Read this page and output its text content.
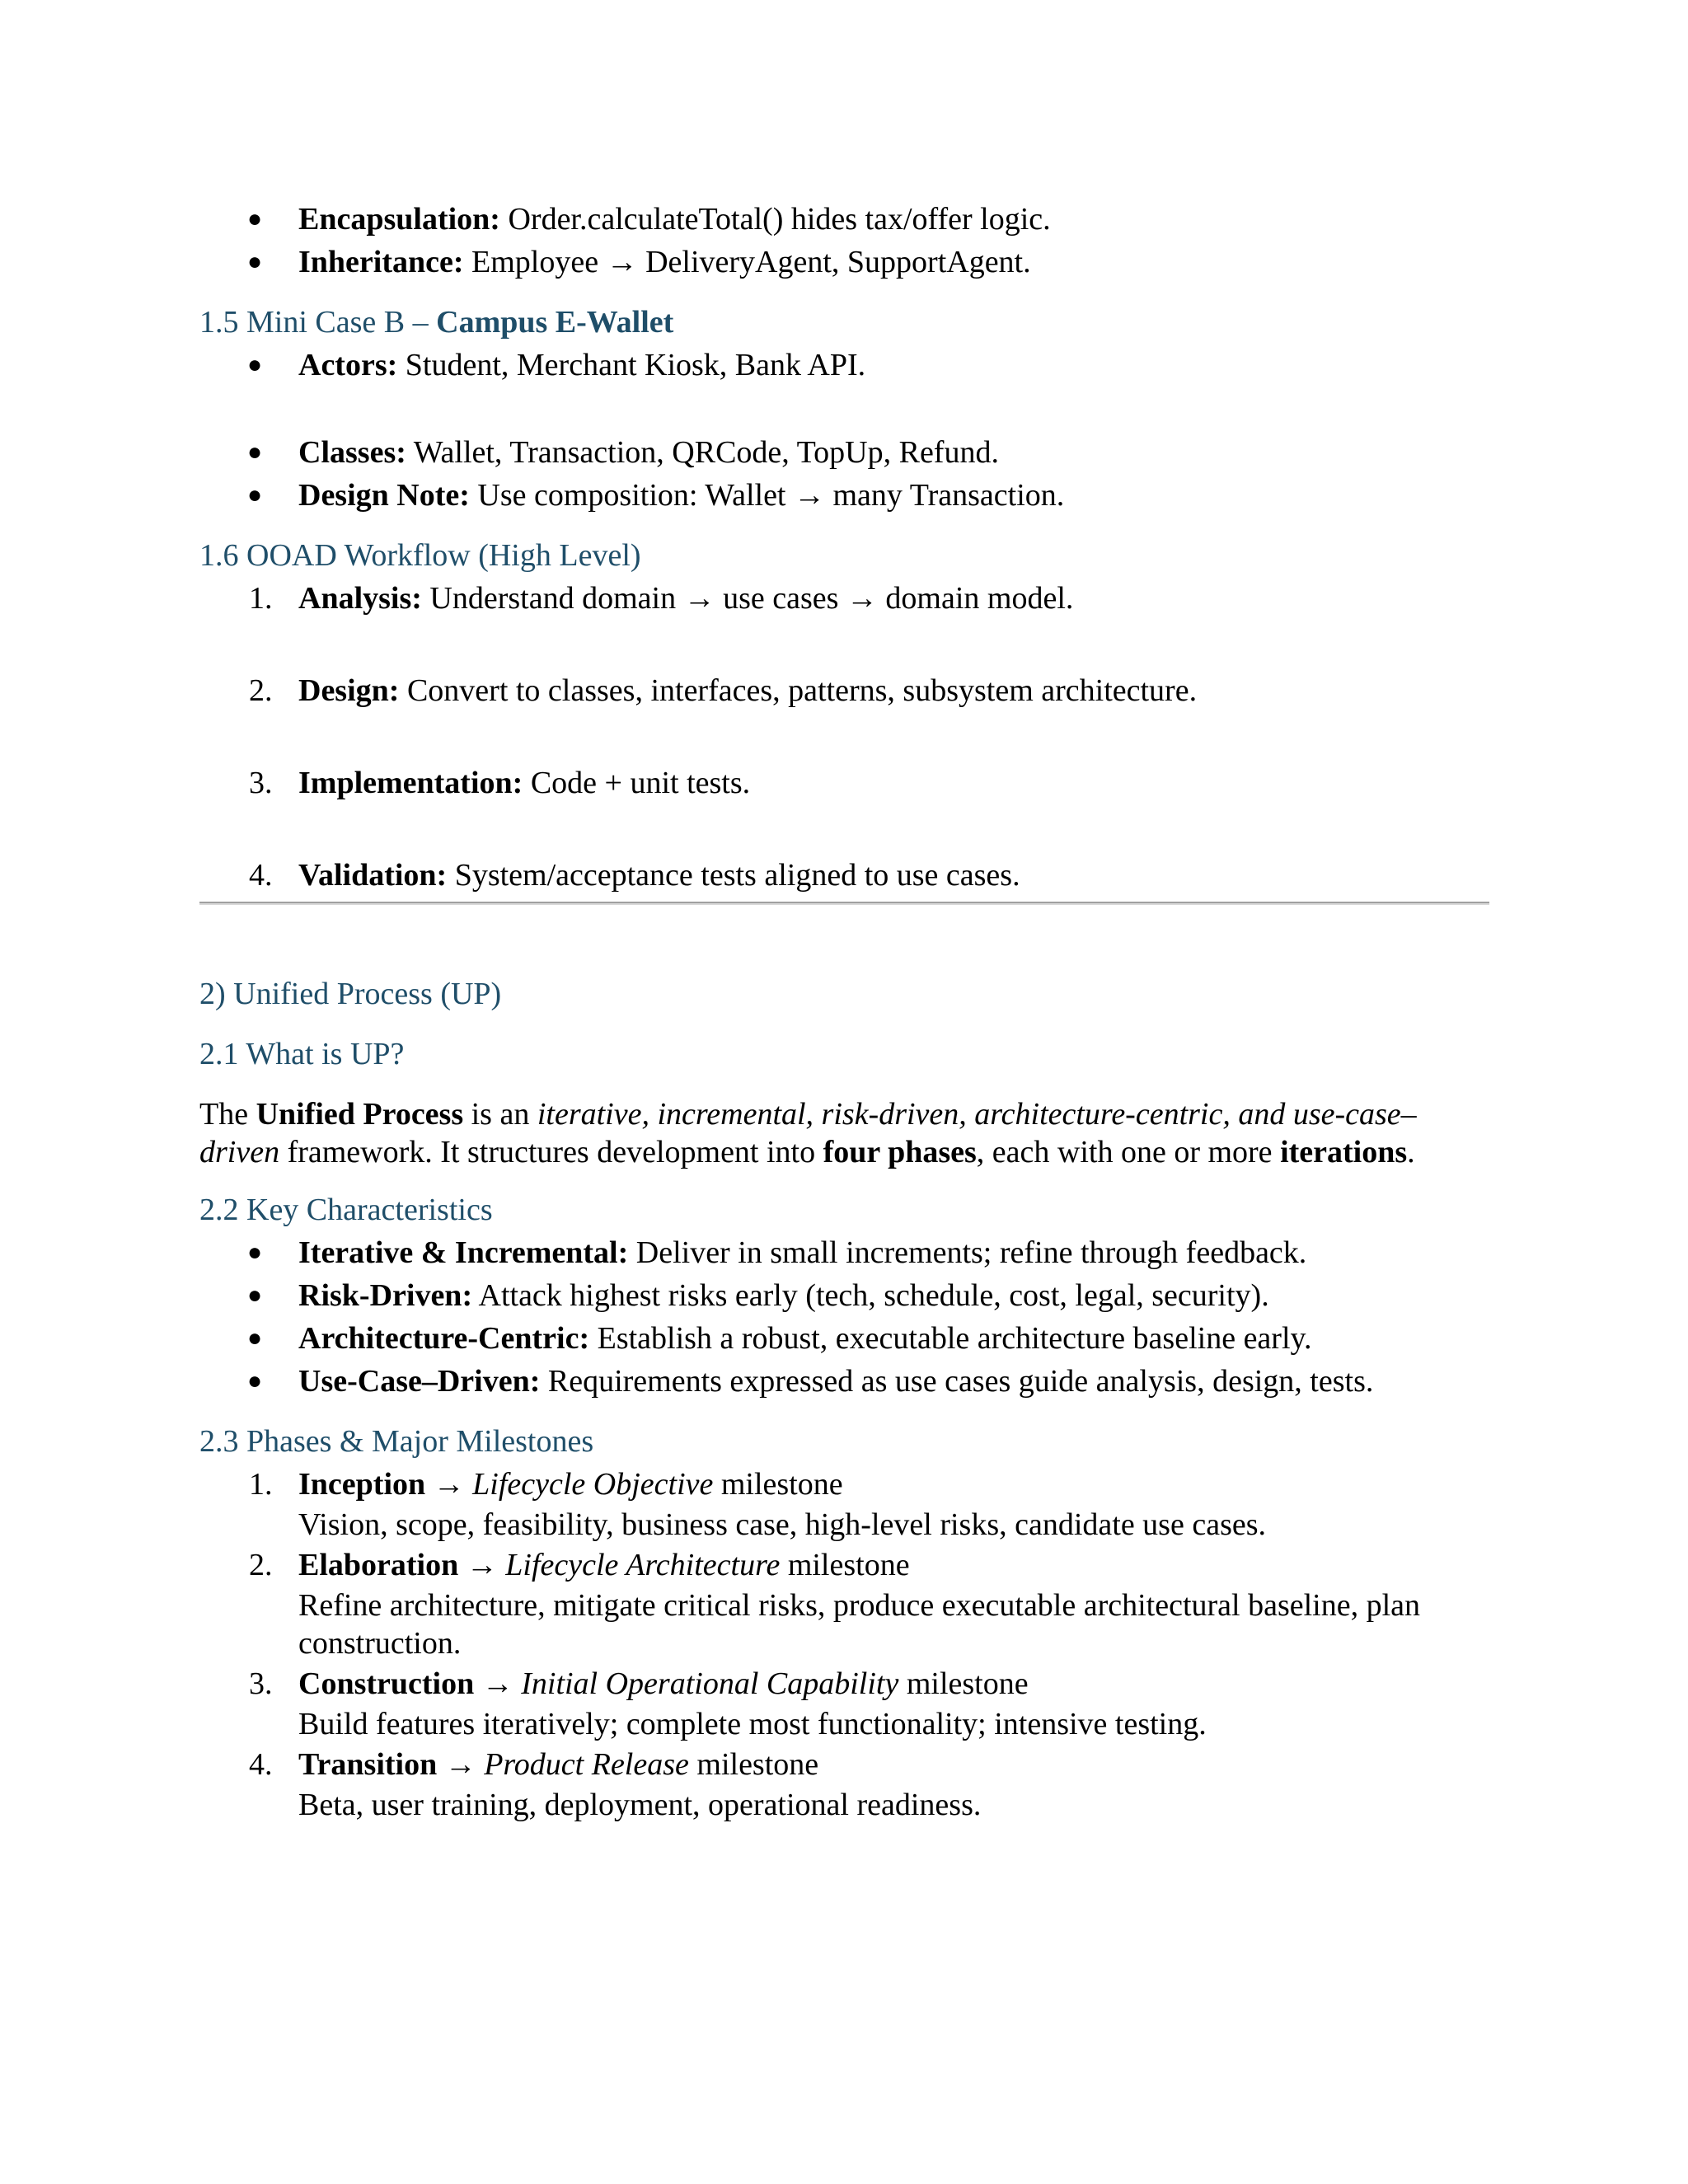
● Encapsulation: Order.calculateTotal() hides tax/offer logic.

● Inheritance: Employee → DeliveryAgent, SupportAgent.

1.5 Mini Case B – Campus E-Wallet

● Actors: Student, Merchant Kiosk, Bank API.

● Classes: Wallet, Transaction, QRCode, TopUp, Refund.

● Design Note: Use composition: Wallet → many Transaction.

1.6 OOAD Workflow (High Level)

1. Analysis: Understand domain → use cases → domain model.

2. Design: Convert to classes, interfaces, patterns, subsystem architecture.

3. Implementation: Code + unit tests.

4. Validation: System/acceptance tests aligned to use cases.

2) Unified Process (UP)
2.1 What is UP?

The Unified Process is an iterative, incremental, risk-driven, architecture-centric, and use-case–driven framework. It structures development into four phases, each with one or more iterations.

2.2 Key Characteristics

● Iterative & Incremental: Deliver in small increments; refine through feedback.

● Risk-Driven: Attack highest risks early (tech, schedule, cost, legal, security).

● Architecture-Centric: Establish a robust, executable architecture baseline early.

● Use-Case–Driven: Requirements expressed as use cases guide analysis, design, tests.

2.3 Phases & Major Milestones

1. Inception → Lifecycle Objective milestone
Vision, scope, feasibility, business case, high-level risks, candidate use cases.

2. Elaboration → Lifecycle Architecture milestone
Refine architecture, mitigate critical risks, produce executable architectural baseline, plan construction.

3. Construction → Initial Operational Capability milestone
Build features iteratively; complete most functionality; intensive testing.

4. Transition → Product Release milestone
Beta, user training, deployment, operational readiness.
